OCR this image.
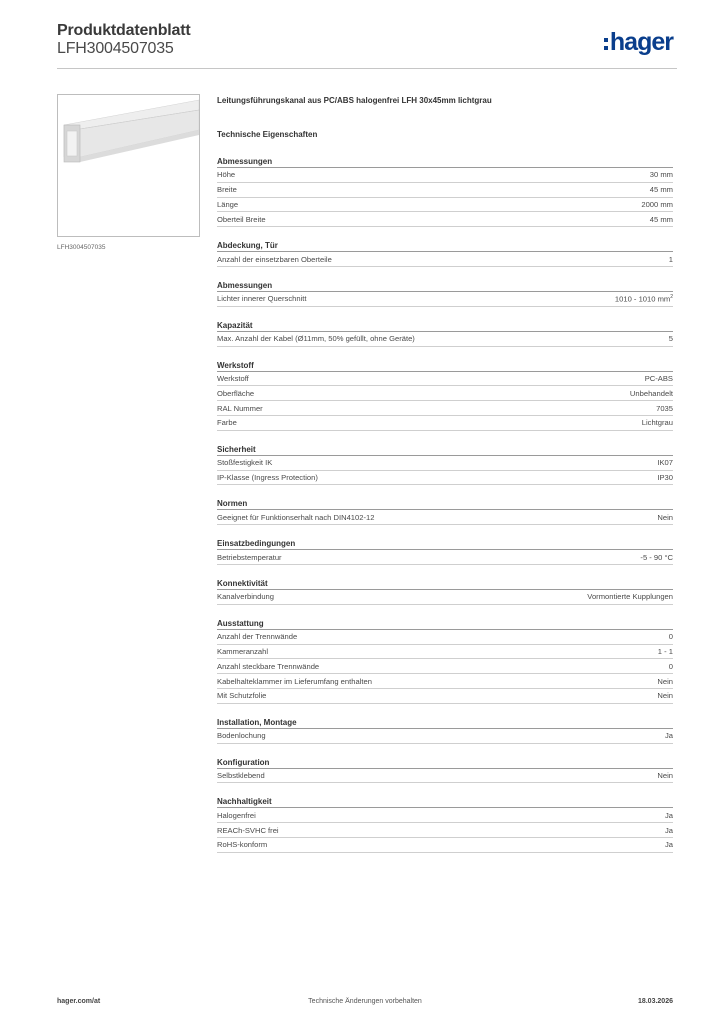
Produktdatenblatt
LFH3004507035	hager
LFH3004507035
Leitungsführungskanal aus PC/ABS halogenfrei LFH 30x45mm lichtgrau
Technische Eigenschaften
Abmessungen
Höhe	30 mm
Breite	45 mm
Länge	2000 mm
Oberteil Breite	45 mm
Abdeckung, Tür
Anzahl der einsetzbaren Oberteile	1
Abmessungen
Lichter innerer Querschnitt	1010 - 1010 $mm^2$
Kapazität
Max. Anzahl der Kabel (Ø11mm, 50% gefüllt, ohne Geräte)	5
Werkstoff
Werkstoff	PC-ABS
Oberfläche	Unbehandelt
RAL Nummer	7035
Farbe	Lichtgrau
Sicherheit
Stoßfestigkeit IK	IK07
IP-Klasse (Ingress Protection)	IP30
Normen
Geeignet für Funktionserhalt nach DIN4102-12	Nein
Einsatzbedingungen
Betriebstemperatur	-5 - 90 °C
Konnektivität
Kanalverbindung	Vormontierte Kupplungen
Ausstattung
Anzahl der Trennwände	0
Kammeranzahl	1 - 1
Anzahl steckbare Trennwände	0
Kabelhalteklammer im Lieferumfang enthalten	Nein
Mit Schutzfolie	Nein
Installation, Montage
Bodenlochung	Ja
Konfiguration
Selbstklebend	Nein
Nachhaltigkeit
Halogenfrei	Ja
REACh-SVHC frei	Ja
RoHS-konform	Ja
hager.com/at	Technische Änderungen vorbehalten	18.03.2026
